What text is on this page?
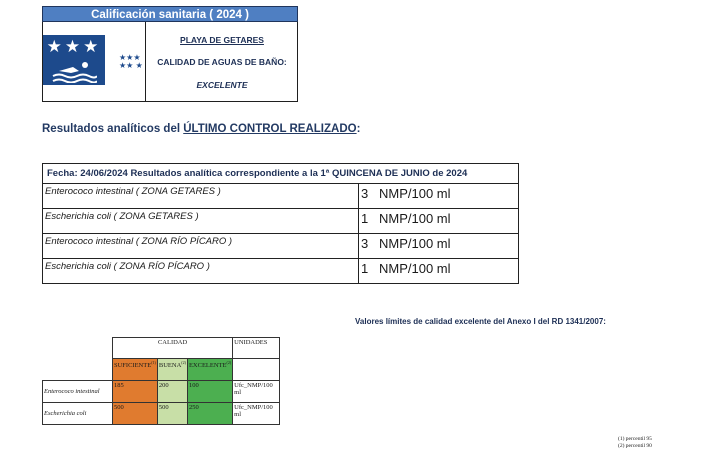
Calificación sanitaria ( 2024 )
★★★
★★★ ★★ ★
PLAYA DE GETARES
CALIDAD DE AGUAS DE BAÑO:
EXCELENTE
Resultados analíticos del ÚLTIMO CONTROL REALIZADO:
Fecha: 24/06/2024 Resultados analítica correspondiente a la 1ª QUINCENA DE JUNIO de 2024	
Enterococo intestinal ( ZONA GETARES )	3 NMP/100 ml
Escherichia coli ( ZONA GETARES )	1 NMP/100 ml
Enterococo intestinal ( ZONA RÍO PÍCARO )	3 NMP/100 ml
Escherichia coli ( ZONA RÍO PÍCARO )	1 NMP/100 ml
Valores límites de calidad excelente del Anexo I del RD 1341/2007:
	CALIDAD			UNIDADES
	SUFICIENTE$^{(1)}$	BUENA$^{(2)}$	EXCELENTE$^{(2)}$	
Enterococo intestinal	185	200	100	Ufc_NMP/100 ml
Escherichia coli	500	500	250	Ufc_NMP/100 ml
(1) percentil 95
(2) percentil 90
